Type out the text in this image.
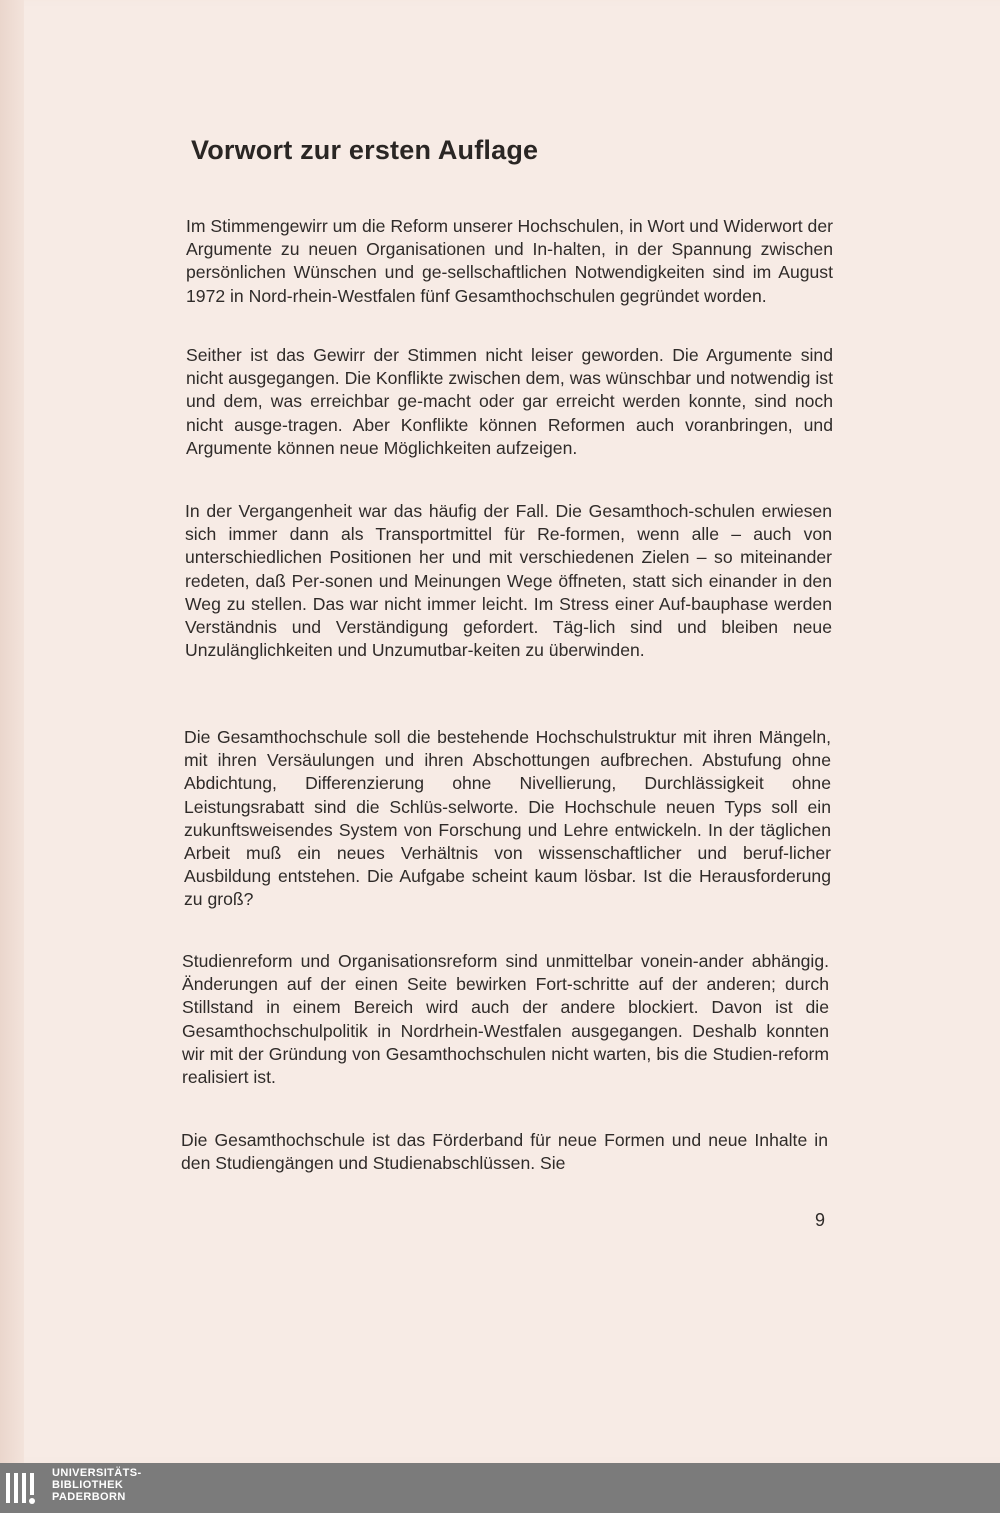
Vorwort zur ersten Auflage

Im Stimmengewirr um die Reform unserer Hochschulen, in Wort und Widerwort der Argumente zu neuen Organisationen und In-halten, in der Spannung zwischen persönlichen Wünschen und ge-sellschaftlichen Notwendigkeiten sind im August 1972 in Nord-rhein-Westfalen fünf Gesamthochschulen gegründet worden.

Seither ist das Gewirr der Stimmen nicht leiser geworden. Die Argumente sind nicht ausgegangen. Die Konflikte zwischen dem, was wünschbar und notwendig ist und dem, was erreichbar ge-macht oder gar erreicht werden konnte, sind noch nicht ausge-tragen. Aber Konflikte können Reformen auch voranbringen, und Argumente können neue Möglichkeiten aufzeigen.

In der Vergangenheit war das häufig der Fall. Die Gesamthoch-schulen erwiesen sich immer dann als Transportmittel für Re-formen, wenn alle – auch von unterschiedlichen Positionen her und mit verschiedenen Zielen – so miteinander redeten, daß Per-sonen und Meinungen Wege öffneten, statt sich einander in den Weg zu stellen. Das war nicht immer leicht. Im Stress einer Auf-bauphase werden Verständnis und Verständigung gefordert. Täg-lich sind und bleiben neue Unzulänglichkeiten und Unzumutbar-keiten zu überwinden.

Die Gesamthochschule soll die bestehende Hochschulstruktur mit ihren Mängeln, mit ihren Versäulungen und ihren Abschottungen aufbrechen. Abstufung ohne Abdichtung, Differenzierung ohne Nivellierung, Durchlässigkeit ohne Leistungsrabatt sind die Schlüs-selworte. Die Hochschule neuen Typs soll ein zukunftsweisendes System von Forschung und Lehre entwickeln. In der täglichen Arbeit muß ein neues Verhältnis von wissenschaftlicher und beruf-licher Ausbildung entstehen. Die Aufgabe scheint kaum lösbar. Ist die Herausforderung zu groß?

Studienreform und Organisationsreform sind unmittelbar vonein-ander abhängig. Änderungen auf der einen Seite bewirken Fort-schritte auf der anderen; durch Stillstand in einem Bereich wird auch der andere blockiert. Davon ist die Gesamthochschulpolitik in Nordrhein-Westfalen ausgegangen. Deshalb konnten wir mit der Gründung von Gesamthochschulen nicht warten, bis die Studien-reform realisiert ist.

Die Gesamthochschule ist das Förderband für neue Formen und neue Inhalte in den Studiengängen und Studienabschlüssen. Sie

9

UNIVERSITÄTS-
BIBLIOTHEK
PADERBORN
